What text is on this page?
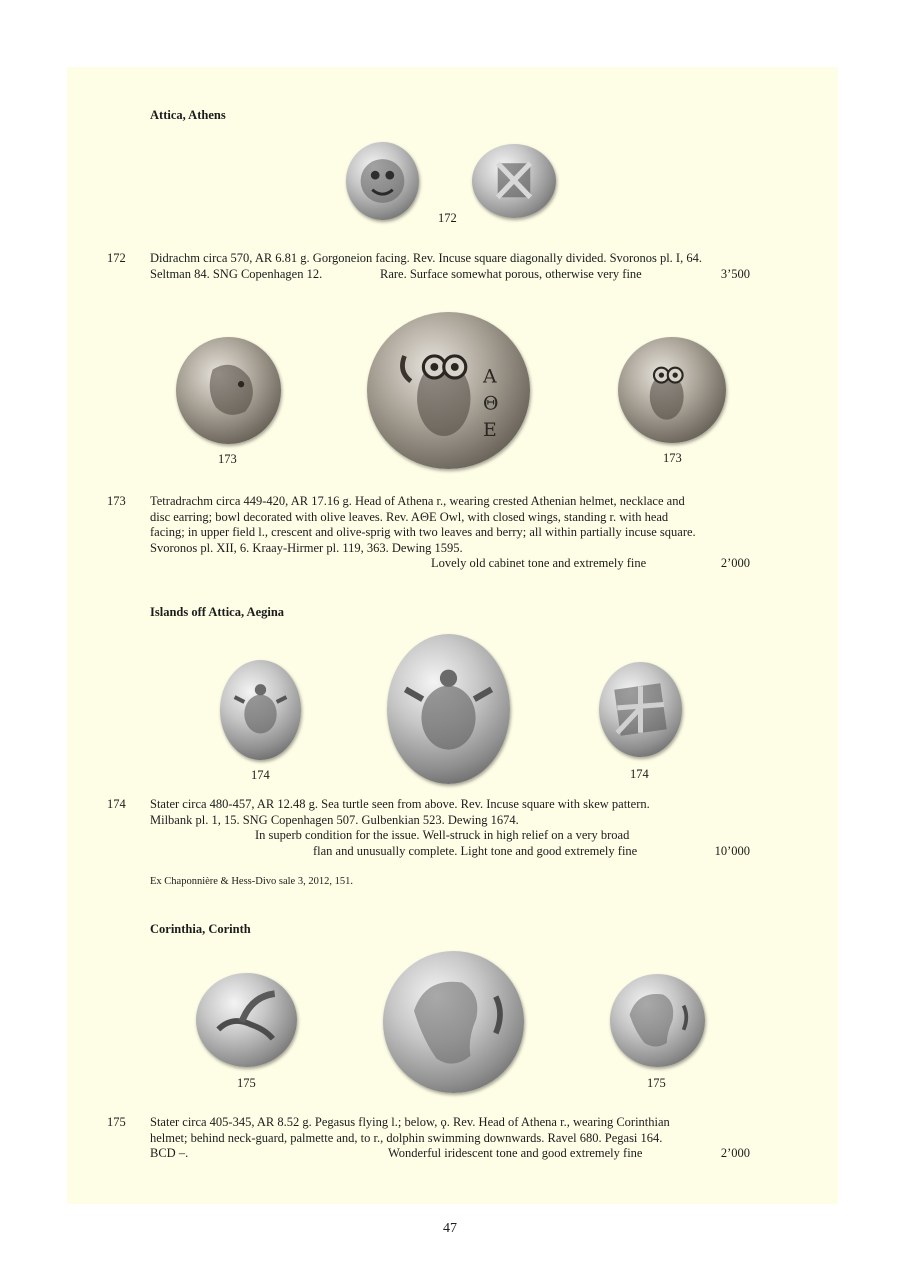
Attica, Athens
172
172 Didrachm circa 570, AR 6.81 g. Gorgoneion facing. Rev. Incuse square diagonally divided. Svoronos pl. I, 64.
Seltman 84. SNG Copenhagen 12.	Rare. Surface somewhat porous, otherwise very fine	3’500
Α
Θ
Ε
173	173
173 Tetradrachm circa 449-420, AR 17.16 g. Head of Athena r., wearing crested Athenian helmet, necklace and
disc earring; bowl decorated with olive leaves. Rev. AΘE Owl, with closed wings, standing r. with head
facing; in upper field l., crescent and olive-sprig with two leaves and berry; all within partially incuse square.
Svoronos pl. XII, 6. Kraay-Hirmer pl. 119, 363. Dewing 1595.
Lovely old cabinet tone and extremely fine	2’000
Islands off Attica, Aegina
174	174
174 Stater circa 480-457, AR 12.48 g. Sea turtle seen from above. Rev. Incuse square with skew pattern.
Milbank pl. 1, 15. SNG Copenhagen 507. Gulbenkian 523. Dewing 1674.
In superb condition for the issue. Well-struck in high relief on a very broad
flan and unusually complete. Light tone and good extremely fine	10’000
Ex Chaponnière & Hess-Divo sale 3, 2012, 151.
Corinthia, Corinth
175	175
175 Stater circa 405-345, AR 8.52 g. Pegasus flying l.; below, ϙ. Rev. Head of Athena r., wearing Corinthian
helmet; behind neck-guard, palmette and, to r., dolphin swimming downwards. Ravel 680. Pegasi 164.
BCD –.	Wonderful iridescent tone and good extremely fine	2’000
47
